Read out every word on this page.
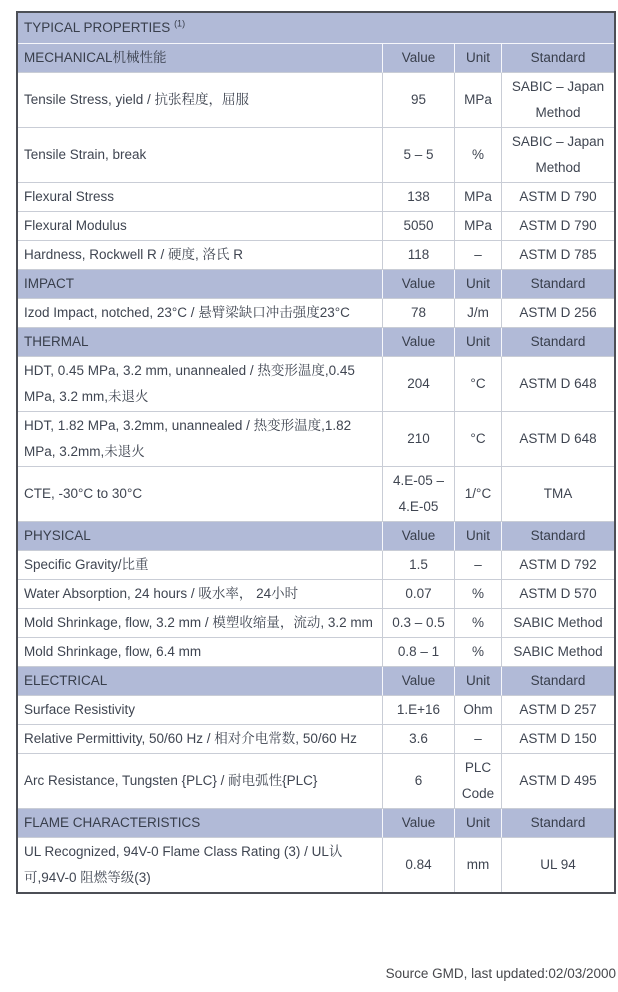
TYPICAL PROPERTIES $^{(1)}$
MECHANICAL机械性能	Value	Unit	Standard
Tensile Stress, yield / 抗张程度，屈服	95	MPa	SABIC – Japan Method
Tensile Strain, break	5 – 5	%	SABIC – Japan Method
Flexural Stress	138	MPa	ASTM D 790
Flexural Modulus	5050	MPa	ASTM D 790
Hardness, Rockwell R / 硬度, 洛氏 R	118	–	ASTM D 785
IMPACT	Value	Unit	Standard
Izod Impact, notched, 23°C / 悬臂梁缺口冲击强度23°C	78	J/m	ASTM D 256
THERMAL	Value	Unit	Standard
HDT, 0.45 MPa, 3.2 mm, unannealed / 热变形温度,0.45 MPa, 3.2 mm,未退火	204	°C	ASTM D 648
HDT, 1.82 MPa, 3.2mm, unannealed / 热变形温度,1.82 MPa, 3.2mm,未退火	210	°C	ASTM D 648
CTE, -30°C to 30°C	4.E-05 – 4.E-05	1/°C	TMA
PHYSICAL	Value	Unit	Standard
Specific Gravity/比重	1.5	–	ASTM D 792
Water Absorption, 24 hours / 吸水率， 24小时	0.07	%	ASTM D 570
Mold Shrinkage, flow, 3.2 mm / 模塑收缩量，流动, 3.2 mm	0.3 – 0.5	%	SABIC Method
Mold Shrinkage, flow, 6.4 mm	0.8 – 1	%	SABIC Method
ELECTRICAL	Value	Unit	Standard
Surface Resistivity	1.E+16	Ohm	ASTM D 257
Relative Permittivity, 50/60 Hz / 相对介电常数, 50/60 Hz	3.6	–	ASTM D 150
Arc Resistance, Tungsten {PLC} / 耐电弧性{PLC}	6	PLC Code	ASTM D 495
FLAME CHARACTERISTICS	Value	Unit	Standard
UL Recognized, 94V-0 Flame Class Rating (3) / UL认可,94V-0 阻燃等级(3)	0.84	mm	UL 94
Source GMD, last updated:02/03/2000
